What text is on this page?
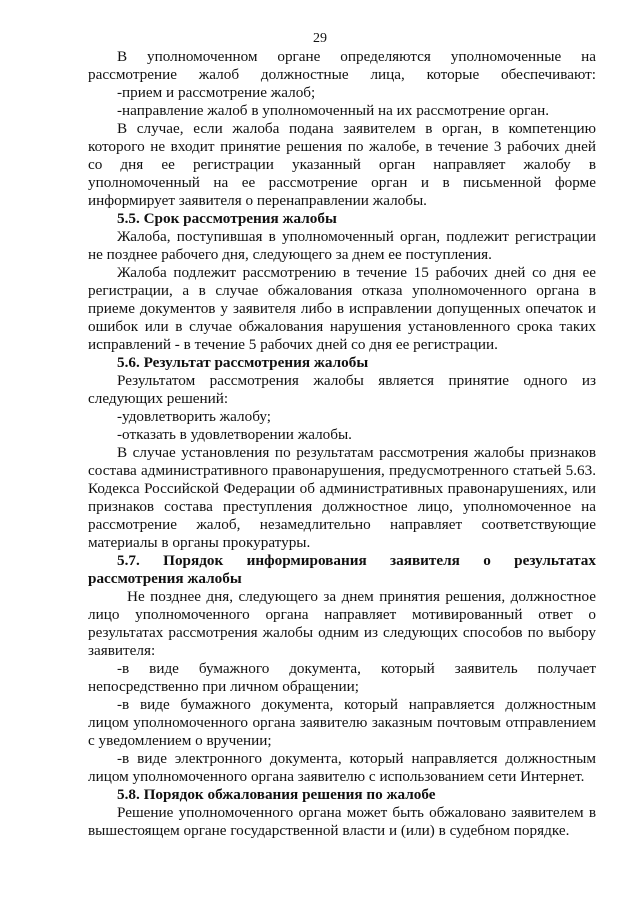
29
В уполномоченном органе определяются уполномоченные на
рассмотрение жалоб должностные лица, которые обеспечивают:
-прием и рассмотрение жалоб;
-направление жалоб в уполномоченный на их рассмотрение орган.
В случае, если жалоба подана заявителем в орган, в компетенцию
которого не входит принятие решения по жалобе, в течение 3 рабочих дней
со дня ее регистрации указанный орган направляет жалобу в
уполномоченный на ее рассмотрение орган и в письменной форме
информирует заявителя о перенаправлении жалобы.
5.5. Срок рассмотрения жалобы
Жалоба, поступившая в уполномоченный орган, подлежит регистрации
не позднее рабочего дня, следующего за днем ее поступления.
Жалоба подлежит рассмотрению в течение 15 рабочих дней со дня ее
регистрации, а в случае обжалования отказа уполномоченного органа в
приеме документов у заявителя либо в исправлении допущенных опечаток и
ошибок или в случае обжалования нарушения установленного срока таких
исправлений - в течение 5 рабочих дней со дня ее регистрации.
5.6. Результат рассмотрения жалобы
Результатом рассмотрения жалобы является принятие одного из
следующих решений:
-удовлетворить жалобу;
-отказать в удовлетворении жалобы.
В случае установления по результатам рассмотрения жалобы признаков
состава административного правонарушения, предусмотренного статьей 5.63.
Кодекса Российской Федерации об административных правонарушениях, или
признаков состава преступления должностное лицо, уполномоченное на
рассмотрение жалоб, незамедлительно направляет соответствующие
материалы в органы прокуратуры.
5.7. Порядок информирования заявителя о результатах
рассмотрения жалобы
Не позднее дня, следующего за днем принятия решения, должностное
лицо уполномоченного органа направляет мотивированный ответ о
результатах рассмотрения жалобы одним из следующих способов по выбору
заявителя:
-в виде бумажного документа, который заявитель получает
непосредственно при личном обращении;
-в виде бумажного документа, который направляется должностным
лицом уполномоченного органа заявителю заказным почтовым отправлением
с уведомлением о вручении;
-в виде электронного документа, который направляется должностным
лицом уполномоченного органа заявителю с использованием сети Интернет.
5.8. Порядок обжалования решения по жалобе
Решение уполномоченного органа может быть обжаловано заявителем в
вышестоящем органе государственной власти и (или) в судебном порядке.
